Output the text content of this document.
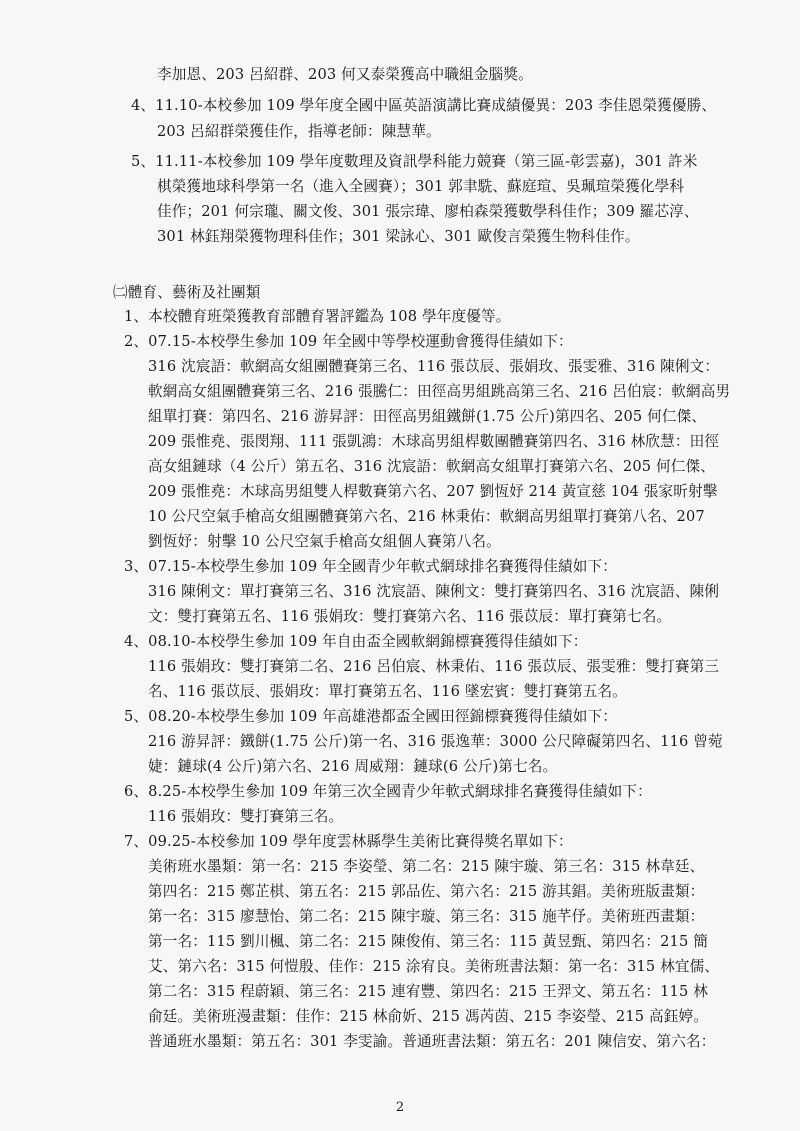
李加恩、203 呂紹群、203 何又泰榮獲高中職組金腦獎。
4、11.10-本校參加 109 學年度全國中區英語演講比賽成績優異：203 李佳恩榮獲優勝、
203 呂紹群榮獲佳作，指導老師：陳慧華。
5、11.11-本校參加 109 學年度數理及資訊學科能力競賽（第三區-彰雲嘉)，301 許米
棋榮獲地球科學第一名（進入全國賽）；301 郭聿駪、蘇庭瑄、吳珮瑄榮獲化學科
佳作；201 何宗瓏、關文俊、301 張宗瑋、廖柏森榮獲數學科佳作；309 羅芯淳、
301 林鈺翔榮獲物理科佳作；301 梁詠心、301 歐俊言榮獲生物科佳作。
㈡體育、藝術及社團類
1、本校體育班榮獲教育部體育署評鑑為 108 學年度優等。
2、07.15-本校學生參加 109 年全國中等學校運動會獲得佳績如下：
316 沈宸語：軟網高女組團體賽第三名、116 張苡辰、張娟玫、張雯雅、316 陳俐文：
軟網高女組團體賽第三名、216 張騰仁：田徑高男組跳高第三名、216 呂伯宸：軟網高男
組單打賽：第四名、216 游昇評：田徑高男組鐵餅(1.75 公斤)第四名、205 何仁傑、
209 張惟堯、張閔翔、111 張凱鴻：木球高男組桿數團體賽第四名、316 林欣慧：田徑
高女組鏈球（4 公斤）第五名、316 沈宸語：軟網高女組單打賽第六名、205 何仁傑、
209 張惟堯：木球高男組雙人桿數賽第六名、207 劉恆妤 214 黃宣慈 104 張家昕射擊
10 公尺空氣手槍高女組團體賽第六名、216 林秉佑：軟網高男組單打賽第八名、207
劉恆妤：射擊 10 公尺空氣手槍高女組個人賽第八名。
3、07.15-本校學生參加 109 年全國青少年軟式網球排名賽獲得佳績如下：
316 陳俐文：單打賽第三名、316 沈宸語、陳俐文：雙打賽第四名、316 沈宸語、陳俐
文：雙打賽第五名、116 張娟玫：雙打賽第六名、116 張苡辰：單打賽第七名。
4、08.10-本校學生參加 109 年自由盃全國軟網錦標賽獲得佳績如下：
116 張娟玫：雙打賽第二名、216 呂伯宸、林秉佑、116 張苡辰、張雯雅：雙打賽第三
名、116 張苡辰、張娟玫：單打賽第五名、116 墜宏賓：雙打賽第五名。
5、08.20-本校學生參加 109 年高雄港都盃全國田徑錦標賽獲得佳績如下：
216 游昇評：鐵餅(1.75 公斤)第一名、316 張逸華：3000 公尺障礙第四名、116 曾菀
婕：鏈球(4 公斤)第六名、216 周威翔：鏈球(6 公斤)第七名。
6、8.25-本校學生參加 109 年第三次全國青少年軟式網球排名賽獲得佳績如下：
116 張娟玫：雙打賽第三名。
7、09.25-本校參加 109 學年度雲林縣學生美術比賽得獎名單如下：
美術班水墨類：第一名：215 李姿瑩、第二名：215 陳宇璇、第三名：315 林韋廷、
第四名：215 鄭芷棋、第五名：215 郭品佐、第六名：215 游其錩。美術班版畫類：
第一名：315 廖慧怡、第二名：215 陳宇璇、第三名：315 施芊伃。美術班西畫類：
第一名：115 劉川楓、第二名：215 陳俊侑、第三名：115 黃昱甄、第四名：215 簡
艾、第六名：315 何愷殷、佳作：215 涂宥良。美術班書法類：第一名：315 林宜儒、
第二名：315 程蔚穎、第三名：215 連宥豐、第四名：215 王羿文、第五名：115 林
俞廷。美術班漫畫類：佳作：215 林俞妡、215 馮芮茵、215 李姿瑩、215 高鈺婷。
普通班水墨類：第五名：301 李雯諭。普通班書法類：第五名：201 陳信安、第六名：
2
